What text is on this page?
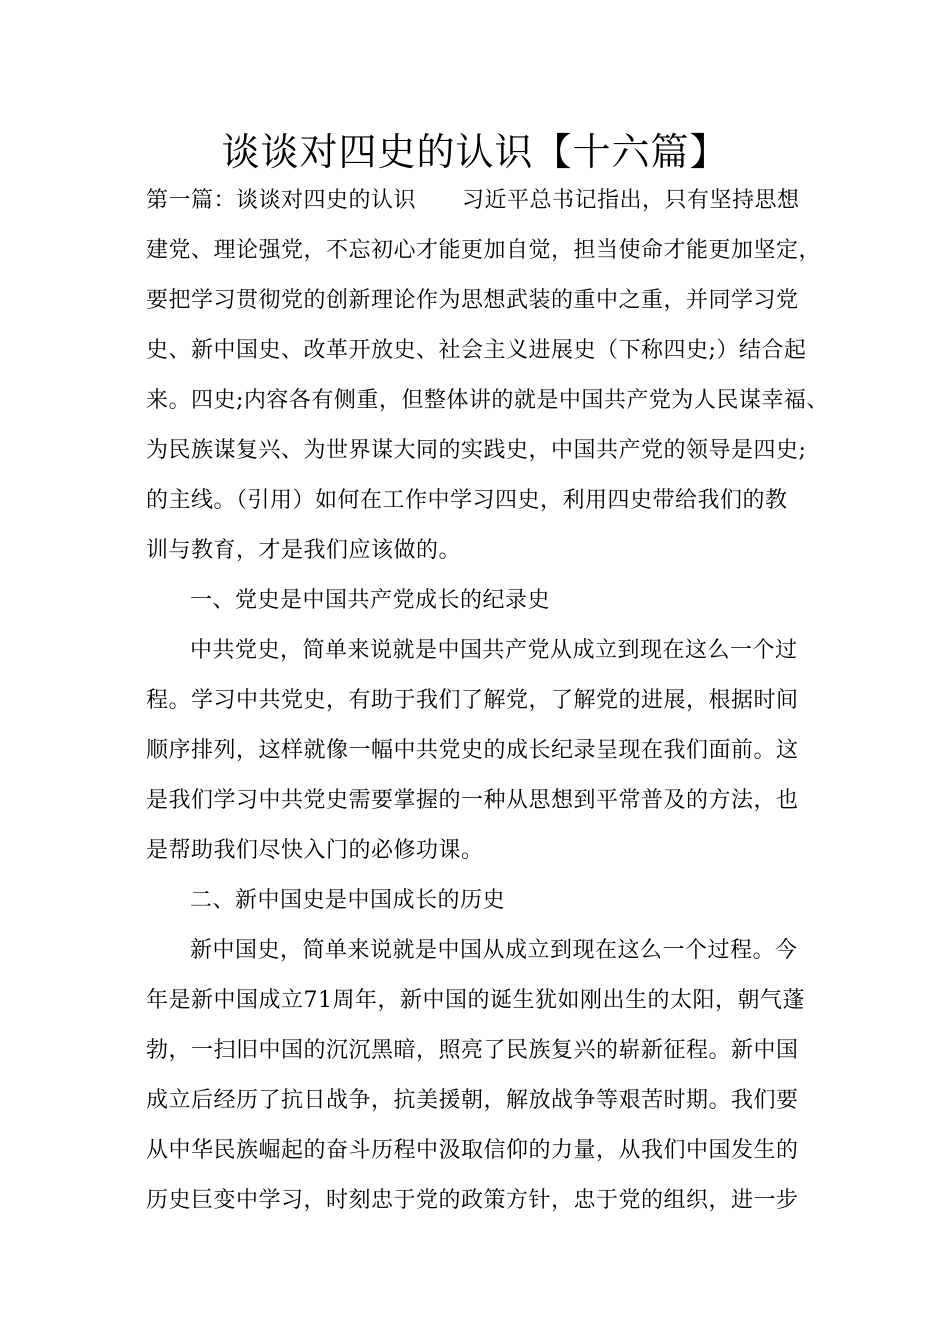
谈谈对四史的认识【十六篇】
第一篇：谈谈对四史的认识 习近平总书记指出，只有坚持思想
建党、理论强党，不忘初心才能更加自觉，担当使命才能更加坚定，
要把学习贯彻党的创新理论作为思想武装的重中之重，并同学习党
史、新中国史、改革开放史、社会主义进展史（下称四史;）结合起
来。四史;内容各有侧重，但整体讲的就是中国共产党为人民谋幸福、
为民族谋复兴、为世界谋大同的实践史，中国共产党的领导是四史;
的主线。（引用）如何在工作中学习四史，利用四史带给我们的教
训与教育，才是我们应该做的。
一、党史是中国共产党成长的纪录史
中共党史，简单来说就是中国共产党从成立到现在这么一个过
程。学习中共党史，有助于我们了解党，了解党的进展，根据时间
顺序排列，这样就像一幅中共党史的成长纪录呈现在我们面前。这
是我们学习中共党史需要掌握的一种从思想到平常普及的方法，也
是帮助我们尽快入门的必修功课。
二、新中国史是中国成长的历史
新中国史，简单来说就是中国从成立到现在这么一个过程。今
年是新中国成立71周年，新中国的诞生犹如刚出生的太阳，朝气蓬
勃，一扫旧中国的沉沉黑暗，照亮了民族复兴的崭新征程。新中国
成立后经历了抗日战争，抗美援朝，解放战争等艰苦时期。我们要
从中华民族崛起的奋斗历程中汲取信仰的力量，从我们中国发生的
历史巨变中学习，时刻忠于党的政策方针，忠于党的组织，进一步
